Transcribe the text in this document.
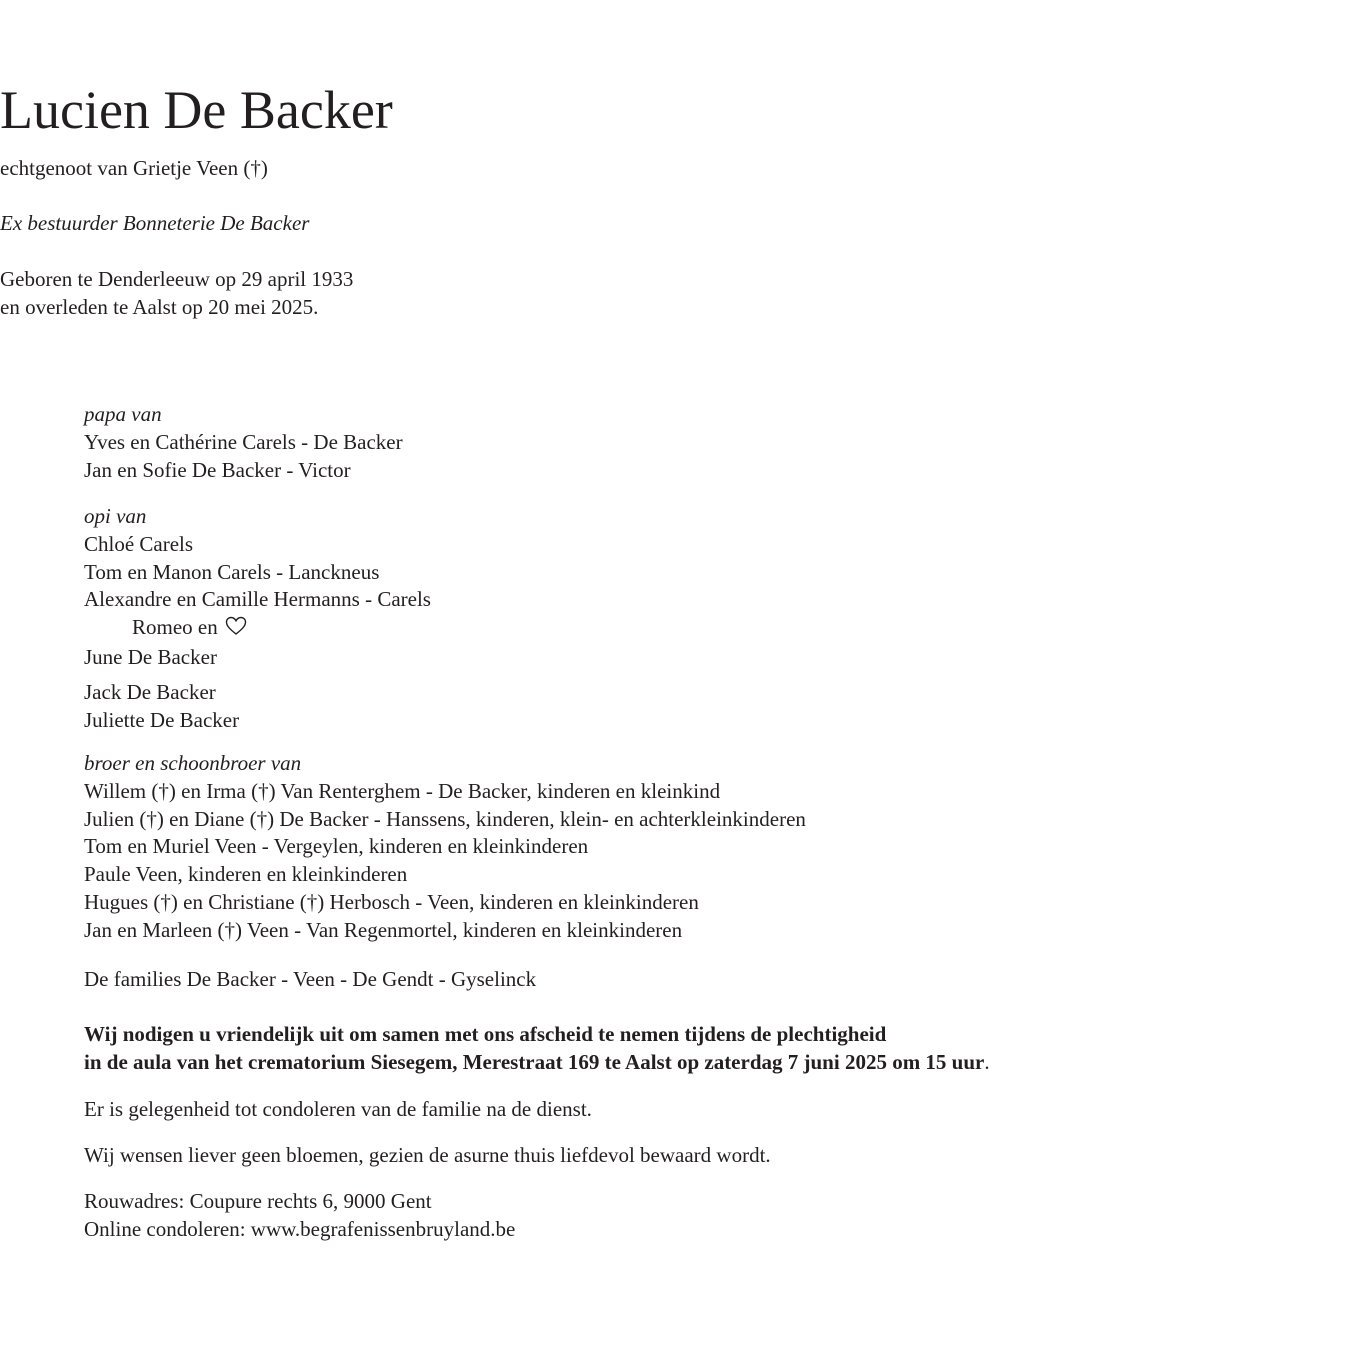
Lucien De Backer
echtgenoot van Grietje Veen (†)
Ex bestuurder Bonneterie De Backer
Geboren te Denderleeuw op 29 april 1933
en overleden te Aalst op 20 mei 2025.
papa van
Yves en Cathérine Carels - De Backer
Jan en Sofie De Backer - Victor
opi van
Chloé Carels
Tom en Manon Carels - Lanckneus
Alexandre en Camille Hermanns - Carels
Romeo en
June De Backer
Jack De Backer
Juliette De Backer
broer en schoonbroer van
Willem (†) en Irma (†) Van Renterghem - De Backer, kinderen en kleinkind
Julien (†) en Diane (†) De Backer - Hanssens, kinderen, klein- en achterkleinkinderen
Tom en Muriel Veen - Vergeylen, kinderen en kleinkinderen
Paule Veen, kinderen en kleinkinderen
Hugues (†) en Christiane (†) Herbosch - Veen, kinderen en kleinkinderen
Jan en Marleen (†) Veen - Van Regenmortel, kinderen en kleinkinderen
De families De Backer - Veen - De Gendt - Gyselinck
Wij nodigen u vriendelijk uit om samen met ons afscheid te nemen tijdens de plechtigheid
in de aula van het crematorium Siesegem, Merestraat 169 te Aalst op zaterdag 7 juni 2025 om 15 uur.
Er is gelegenheid tot condoleren van de familie na de dienst.
Wij wensen liever geen bloemen, gezien de asurne thuis liefdevol bewaard wordt.
Rouwadres: Coupure rechts 6, 9000 Gent
Online condoleren: www.begrafenissenbruyland.be
